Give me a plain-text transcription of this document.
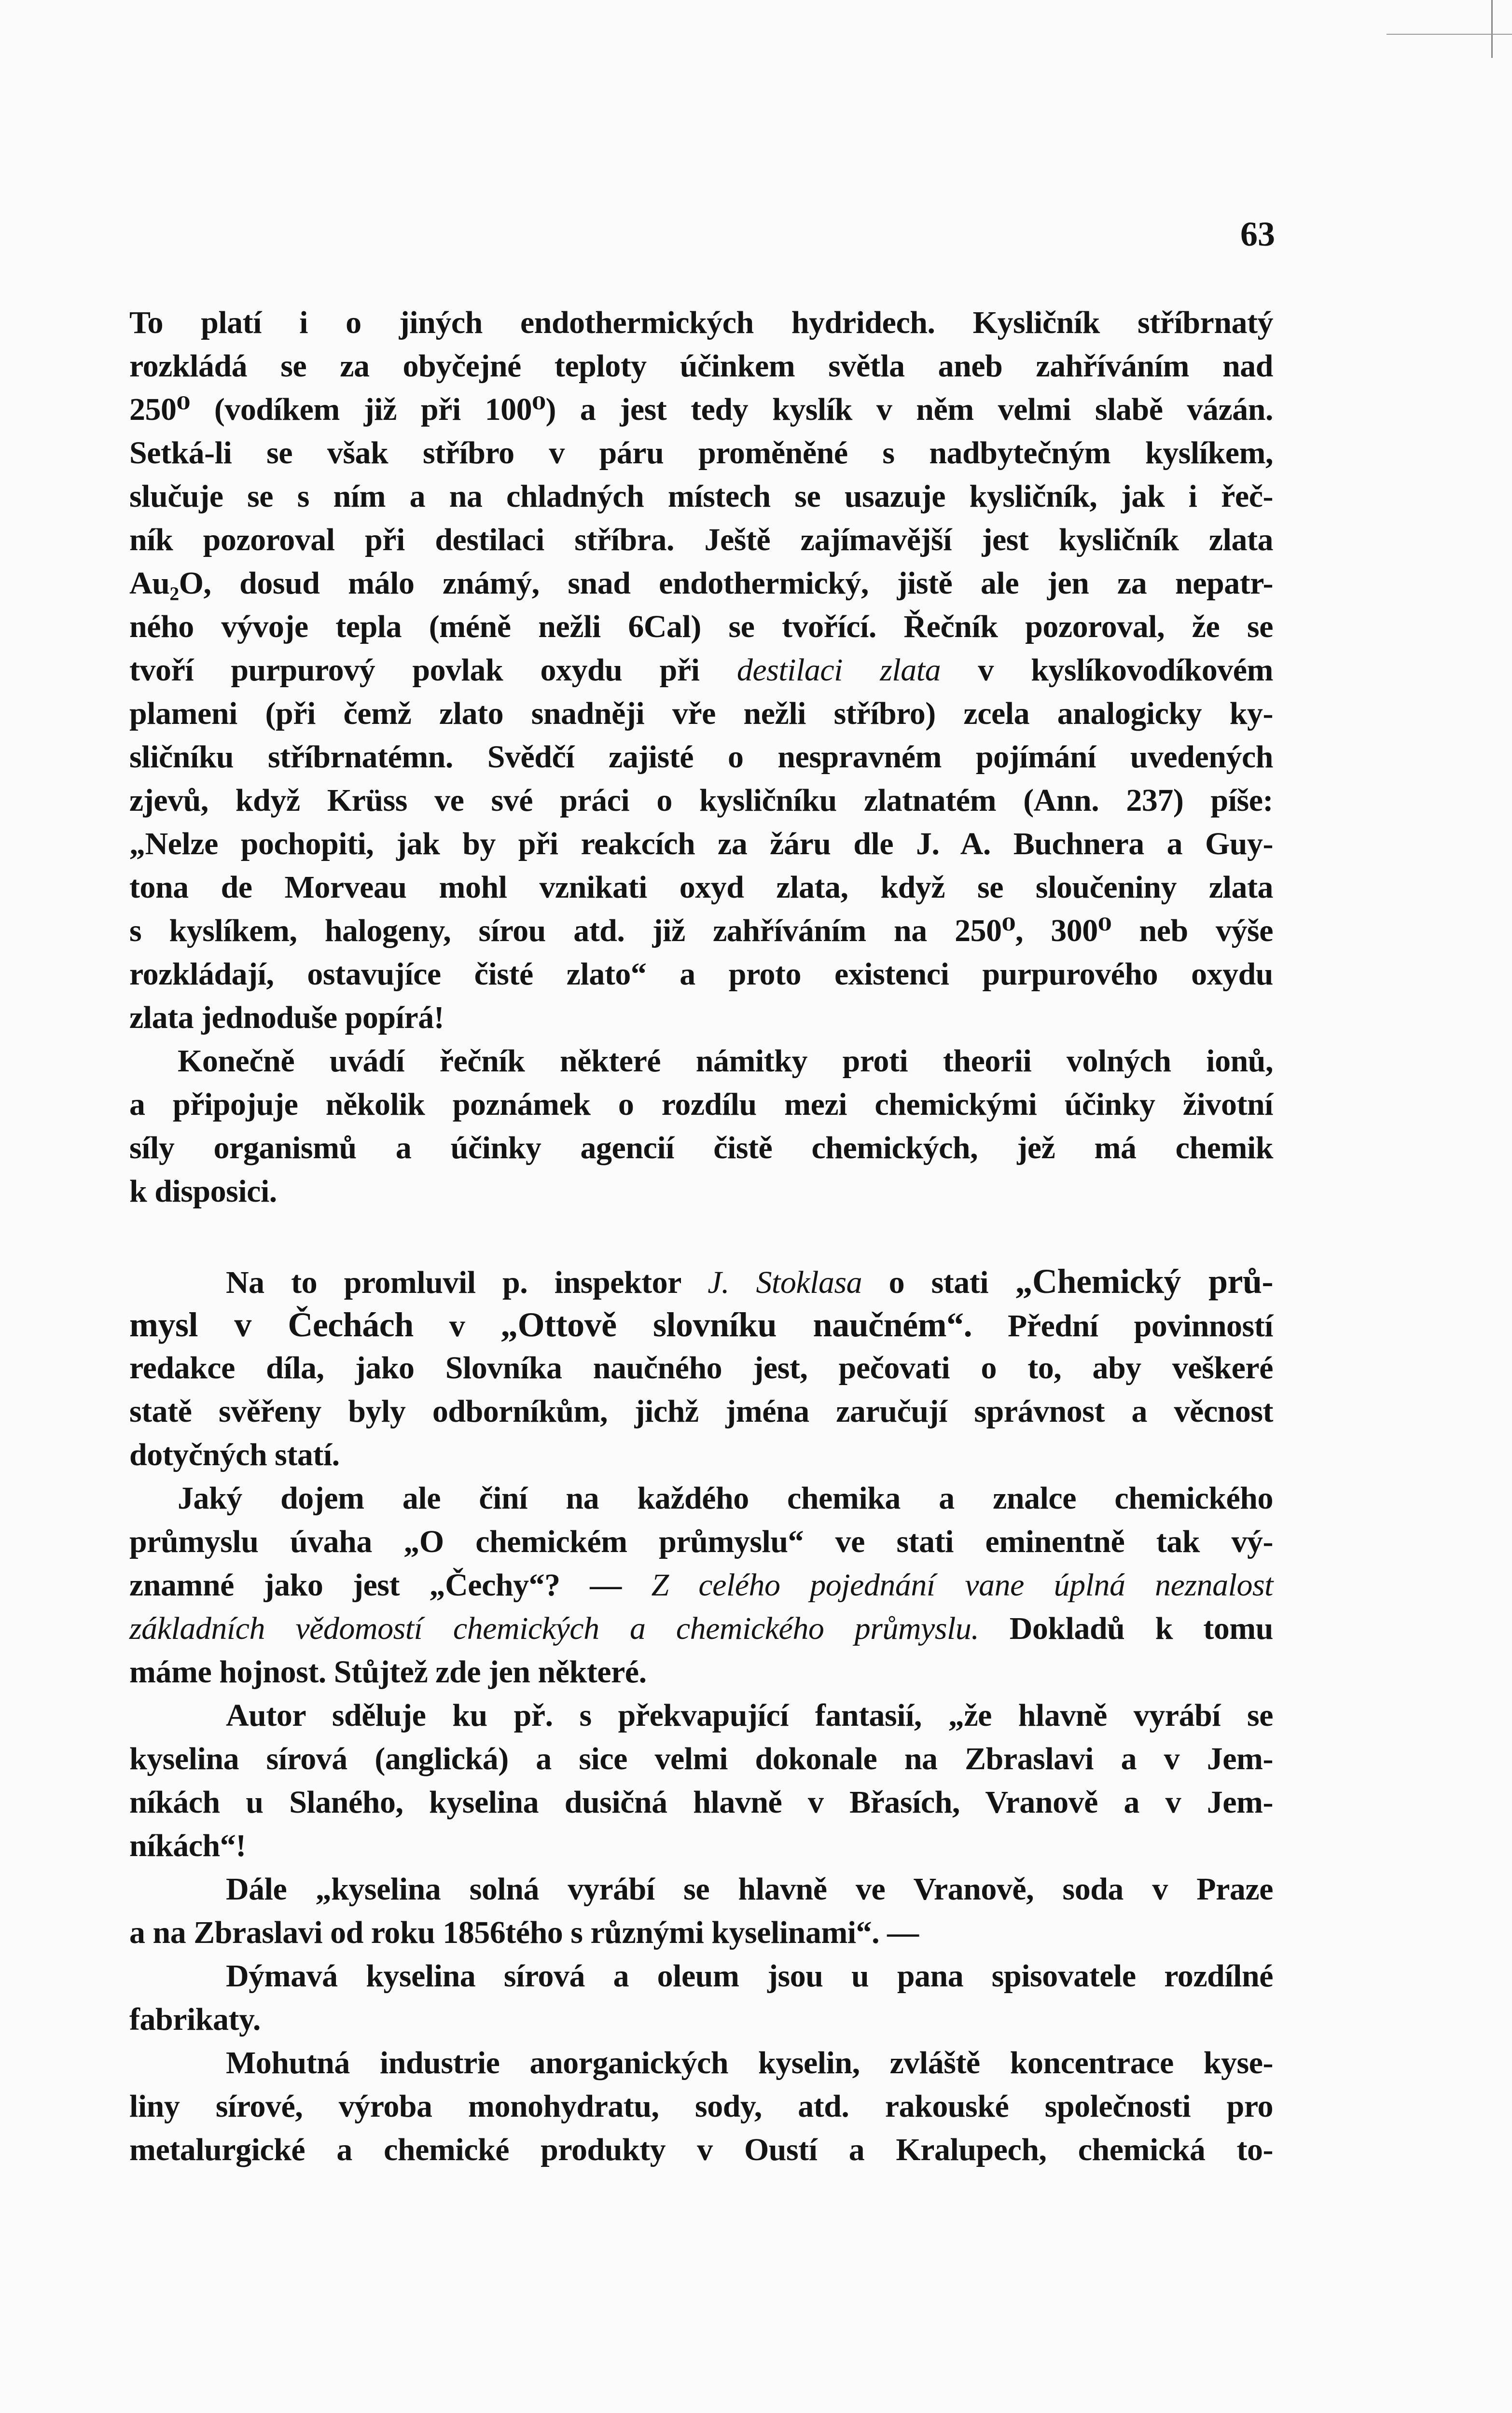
63
To platí i o jiných endothermických hydridech. Kysličník stříbrnatý
rozkládá se za obyčejné teploty účinkem světla aneb zahříváním nad
250⁰ (vodíkem již při 100⁰) a jest tedy kyslík v něm velmi slabě vázán.
Setká-li se však stříbro v páru proměněné s nadbytečným kyslíkem,
slučuje se s ním a na chladných místech se usazuje kysličník, jak i řeč-
ník pozoroval při destilaci stříbra. Ještě zajímavější jest kysličník zlata
Au₂O, dosud málo známý, snad endothermický, jistě ale jen za nepatr-
ného vývoje tepla (méně nežli 6Cal) se tvořící. Řečník pozoroval, že se
tvoří purpurový povlak oxydu při destilaci zlata v kyslíkovodíkovém
plameni (při čemž zlato snadněji vře nežli stříbro) zcela analogicky ky-
sličníku stříbrnatémn. Svědčí zajisté o nespravném pojímání uvedených
zjevů, když Krüss ve své práci o kysličníku zlatnatém (Ann. 237) píše:
„Nelze pochopiti, jak by při reakcích za žáru dle J. A. Buchnera a Guy-
tona de Morveau mohl vznikati oxyd zlata, když se sloučeniny zlata
s kyslíkem, halogeny, sírou atd. již zahříváním na 250⁰, 300⁰ neb výše
rozkládají, ostavujíce čisté zlato“ a proto existenci purpurového oxydu
zlata jednoduše popírá!
Konečně uvádí řečník některé námitky proti theorii volných ionů,
a připojuje několik poznámek o rozdílu mezi chemickými účinky životní
síly organismů a účinky agencií čistě chemických, jež má chemik
k disposici.
Na to promluvil p. inspektor J. Stoklasa o stati „Chemický prů-
mysl v Čechách v „Ottově slovníku naučném“. Přední povinností
redakce díla, jako Slovníka naučného jest, pečovati o to, aby veškeré
statě svěřeny byly odborníkům, jichž jména zaručují správnost a věcnost
dotyčných statí.
Jaký dojem ale činí na každého chemika a znalce chemického
průmyslu úvaha „O chemickém průmyslu“ ve stati eminentně tak vý-
znamné jako jest „Čechy“? — Z celého pojednání vane úplná neznalost
základních vědomostí chemických a chemického průmyslu. Dokladů k tomu
máme hojnost. Stůjtež zde jen některé.
Autor sděluje ku př. s překvapující fantasií, „že hlavně vyrábí se
kyselina sírová (anglická) a sice velmi dokonale na Zbraslavi a v Jem-
níkách u Slaného, kyselina dusičná hlavně v Břasích, Vranově a v Jem-
níkách“!
Dále „kyselina solná vyrábí se hlavně ve Vranově, soda v Praze
a na Zbraslavi od roku 1856tého s různými kyselinami“. —
Dýmavá kyselina sírová a oleum jsou u pana spisovatele rozdílné
fabrikaty.
Mohutná industrie anorganických kyselin, zvláště koncentrace kyse-
liny sírové, výroba monohydratu, sody, atd. rakouské společnosti pro
metalurgické a chemické produkty v Oustí a Kralupech, chemická to-
